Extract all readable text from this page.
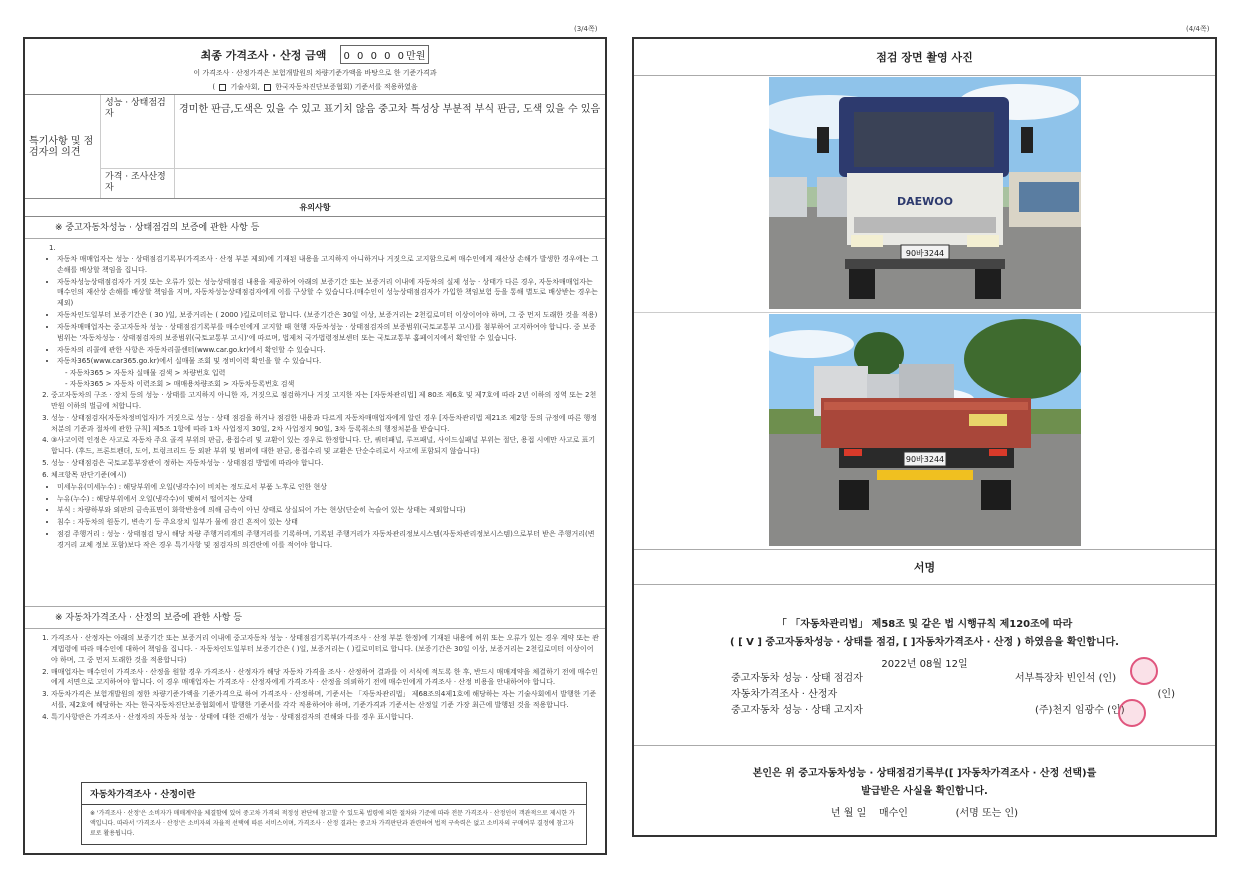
(3/4쪽)	(4/4쪽)
최종 가격조사 · 산정 금액 0 0 0 0 0만원
이 가격조사 · 산정가격은 보험개발원의 차량기준가액을 바탕으로 한 기준가격과
( 기술사회, 한국자동차진단보증협회) 기준서를 적용하였음
특기사항 및 점검자의 의견
성능 · 상태점검자	경미한 판금,도색은 있을 수 있고 표기치 않음 중고차 특성상 부분적 부식 판금, 도색 있을 수 있음
가격 · 조사산정자
유의사항
※ 중고자동차성능 · 상태점검의 보증에 관한 사항 등
1.
• 자동차 매매업자는 성능 · 상태점검기록부(가격조사 · 산정 부분 제외)에 기재된 내용을 고지하지 아니하거나 거짓으로 고지함으로써 매수인에게 재산상 손해가 발생한 경우에는 그 손해를 배상할 책임을 집니다.
• 자동차성능상태점검자가 거짓 또는 오류가 있는 성능상태점검 내용을 제공하여 아래의 보증기간 또는 보증거리 이내에 자동차의 실제 성능 · 상태가 다른 경우, 자동차매매업자는 매수인의 재산상 손해를 배상할 책임을 지며, 자동차성능상태점검자에게 이를 구상할 수 있습니다.(매수인이 성능상태점검자가 가입한 책임보험 등을 통해 별도로 배상받는 경우는 제외)
• 자동차인도일부터 보증기간은 ( 30 )일, 보증거리는 ( 2000 )킬로미터로 합니다. (보증기간은 30일 이상, 보증거리는 2천킬로미터 이상이어야 하며, 그 중 먼저 도래한 것을 적용)
• 자동차매매업자는 중고자동차 성능 · 상태점검기록부를 매수인에게 고지할 때 현행 자동차성능 · 상태점검자의 보증범위(국토교통부 고시)를 첨부하여 고지하여야 합니다. 중 보증범위는 '자동차성능 · 상태점검자의 보증범위(국토교통부 고시)'에 따르며, 법제처 국가법령정보센터 또는 국토교통부 홈페이지에서 확인할 수 있습니다.
• 자동차의 리콜에 관한 사항은 자동차리콜센터(www.car.go.kr)에서 확인할 수 있습니다.
• 자동차365(www.car365.go.kr)에서 실매물 조회 및 정비이력 확인을 할 수 있습니다.
- 자동차365 > 자동차 실매물 검색 > 차량번호 입력
- 자동차365 > 자동차 이력조회 > 매매용차량조회 > 자동차등록번호 검색
2. 중고자동차의 구조 · 장치 등의 성능 · 상태를 고지하지 아니한 자, 거짓으로 점검하거나 거짓 고지한 자는 [자동차관리법] 제 80조 제6호 및 제7호에 따라 2년 이하의 징역 또는 2천만원 이하의 벌금에 처합니다.
3. 성능 · 상태점검자(자동차정비업자)가 거짓으로 성능 · 상태 점검을 하거나 점검한 내용과 다르게 자동차매매업자에게 알린 경우 [자동차관리법 제21조 제2항 등의 규정에 따른 행정처분의 기준과 절차에 관한 규칙] 제5조 1항에 따라 1차 사업정지 30일, 2차 사업정지 90일, 3차 등록취소의 행정처분을 받습니다.
4. ③사고이력 인정은 사고로 자동차 주요 골격 부위의 판금, 용접수리 및 교환이 있는 경우로 한정합니다. 단, 쿼터패널, 루프패널, 사이드실패널 부위는 절단, 용접 시에만 사고로 표기합니다. (후드, 프론트펜더, 도어, 트렁크리드 등 외판 부위 및 범퍼에 대한 판금, 용접수리 및 교환은 단순수리로서 사고에 포함되지 않습니다)
5. 성능 · 상태점검은 국토교통부장관이 정하는 자동차성능 · 상태점검 방법에 따라야 합니다.
6. 체크항목 판단기준(예시)
• 미세누유(미세누수) : 해당부위에 오일(냉각수)이 비치는 정도로서 부품 노후로 인한 현상
• 누유(누수) : 해당부위에서 오일(냉각수)이 맺혀서 떨어지는 상태
• 부식 : 차량하부와 외판의 금속표면이 화학반응에 의해 금속이 아닌 상태로 상실되어 가는 현상(단순히 녹슬어 있는 상태는 제외합니다)
• 침수 : 자동차의 원동기, 변속기 등 주요장치 일부가 물에 잠긴 흔적이 있는 상태
• 점검 주행거리 : 성능 · 상태점검 당시 해당 차량 주행거리계의 주행거리를 기록하며, 기록된 주행거리가 자동차관리정보시스템(자동차관리정보시스템)으로부터 받은 주행거리(변경거리 교체 정보 포함)보다 작은 경우 특기사항 및 점검자의 의견란에 이를 적어야 합니다.
※ 자동차가격조사 · 산정의 보증에 관한 사항 등
1. 가격조사 · 산정자는 아래의 보증기간 또는 보증거리 이내에 중고자동차 성능 · 상태점검기록부(가격조사 · 산정 부분 한정)에 기재된 내용에 허위 또는 오류가 있는 경우 계약 또는 관계법령에 따라 매수인에 대하여 책임을 집니다. · 자동차인도일부터 보증기간은 ( )일, 보증거리는 ( )킬로미터로 합니다. (보증기간은 30일 이상, 보증거리는 2천킬로미터 이상이어야 하며, 그 중 먼저 도래한 것을 적용합니다)
2. 매매업자는 매수인이 가격조사 · 산정을 원할 경우 가격조사 · 산정자가 해당 자동차 가격을 조사 · 산정하여 결과를 이 서식에 적도록 한 후, 반드시 매매계약을 체결하기 전에 매수인에게 서면으로 고지하여야 합니다. 이 경우 매매업자는 가격조사 · 산정자에게 가격조사 · 산정을 의뢰하기 전에 매수인에게 가격조사 · 산정 비용을 안내하여야 합니다.
3. 자동차가격은 보험개발원의 정한 차량기준가액을 기준가격으로 하여 가격조사 · 산정하며, 기준서는 「자동차관리법」 제68조의4제1호에 해당하는 자는 기술사회에서 발행한 기준서를, 제2호에 해당하는 자는 한국자동차진단보증협회에서 발행한 기준서를 각각 적용하여야 하며, 기준가격과 기준서는 산정일 기준 가장 최근에 발행된 것을 적용합니다.
4. 특기사항란은 가격조사 · 산정자의 자동차 성능 · 상태에 대한 견해가 성능 · 상태점검자의 견해와 다를 경우 표시합니다.
자동차가격조사 · 산정이란
※ '가격조사 · 산정'은 소비자가 매매계약을 체결함에 있어 중고차 가격의 적정성 판단에 참고할 수 있도록 법령에 의한 절차와 기준에 따라 전문 가격조사 · 산정인이 객관적으로 제시한 가액입니다. 따라서 '가격조사 · 산정'은 소비자의 자율적 선택에 따른 서비스이며, 가격조사 · 산정 결과는 중고차 가격판단과 관련하여 법적 구속력은 없고 소비자의 구매여부 결정에 참고자료로 활용됩니다.
점검 장면 촬영 사진
DAEWOO
90바3244
90바3244
서명
「 「자동차관리법」 제58조 및 같은 법 시행규칙 제120조에 따라
( [ V ] 중고자동차성능 · 상태를 점검, [ ]자동차가격조사 · 산정 ) 하였음을 확인합니다.
2022년 08월 12일
중고자동차 성능 · 상태 점검자	서부특장차 빈인석 (인)
자동차가격조사 · 산정자	(인)
중고자동차 성능 · 상태 고지자	(주)천지 임광수 (인)
본인은 위 중고자동차성능 · 상태점검기록부([ ]자동차가격조사 · 산정 선택)를
발급받은 사실을 확인합니다.
년 월 일 매수인	(서명 또는 인)
